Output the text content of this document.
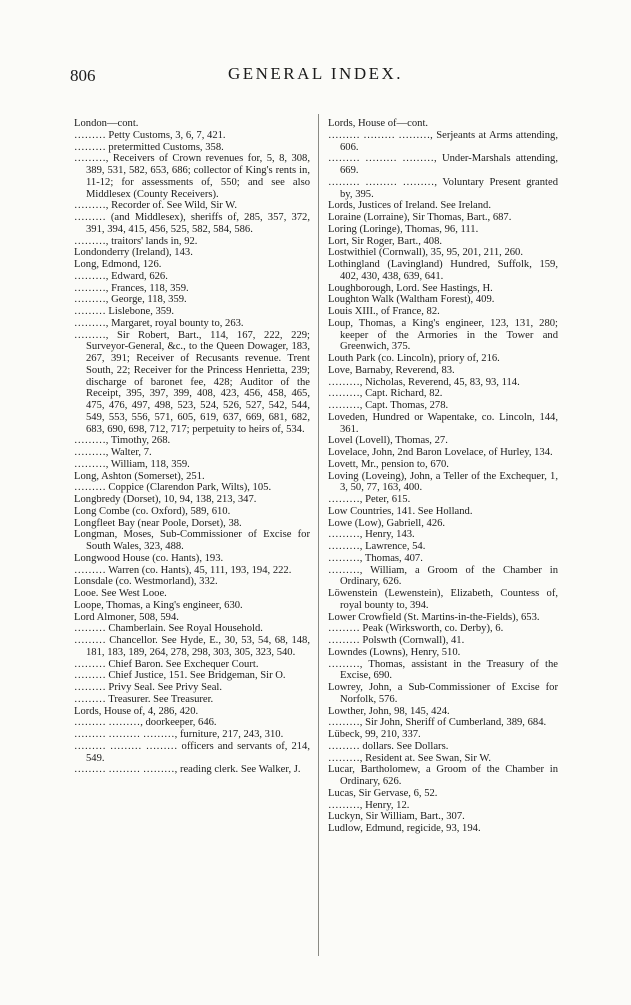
806	GENERAL INDEX.

London—cont.

……… Petty Customs, 3, 6, 7, 421.

……… pretermitted Customs, 358.

………, Receivers of Crown revenues for, 5, 8, 308, 389, 531, 582, 653, 686; collector of King's rents in, 11-12; for assessments of, 550; and see also Middlesex (County Receivers).

………, Recorder of. See Wild, Sir W.

……… (and Middlesex), sheriffs of, 285, 357, 372, 391, 394, 415, 456, 525, 582, 584, 586.

………, traitors' lands in, 92.

Londonderry (Ireland), 143.

Long, Edmond, 126.

………, Edward, 626.

………, Frances, 118, 359.

………, George, 118, 359.

……… Lislebone, 359.

………, Margaret, royal bounty to, 263.

………, Sir Robert, Bart., 114, 167, 222, 229; Surveyor-General, &c., to the Queen Dowager, 183, 267, 391; Receiver of Recusants revenue. Trent South, 22; Receiver for the Princess Henrietta, 239; discharge of baronet fee, 428; Auditor of the Receipt, 395, 397, 399, 408, 423, 456, 458, 465, 475, 476, 497, 498, 523, 524, 526, 527, 542, 544, 549, 553, 556, 571, 605, 619, 637, 669, 681, 682, 683, 690, 698, 712, 717; perpetuity to heirs of, 534.

………, Timothy, 268.

………, Walter, 7.

………, William, 118, 359.

Long, Ashton (Somerset), 251.

……… Coppice (Clarendon Park, Wilts), 105.

Longbredy (Dorset), 10, 94, 138, 213, 347.

Long Combe (co. Oxford), 589, 610.

Longfleet Bay (near Poole, Dorset), 38.

Longman, Moses, Sub-Commissioner of Excise for South Wales, 323, 488.

Longwood House (co. Hants), 193.

……… Warren (co. Hants), 45, 111, 193, 194, 222.

Lonsdale (co. Westmorland), 332.

Looe. See West Looe.

Loope, Thomas, a King's engineer, 630.

Lord Almoner, 508, 594.

……… Chamberlain. See Royal Household.

……… Chancellor. See Hyde, E., 30, 53, 54, 68, 148, 181, 183, 189, 264, 278, 298, 303, 305, 323, 540.

……… Chief Baron. See Exchequer Court.

……… Chief Justice, 151. See Bridgeman, Sir O.

……… Privy Seal. See Privy Seal.

……… Treasurer. See Treasurer.

Lords, House of, 4, 286, 420.

……… ………, doorkeeper, 646.

……… ……… ………, furniture, 217, 243, 310.

……… ……… ……… officers and servants of, 214, 549.

……… ……… ………, reading clerk. See Walker, J.

Lords, House of—cont.

……… ……… ………, Serjeants at Arms attending, 606.

……… ……… ………, Under-Marshals attending, 669.

……… ……… ………, Voluntary Present granted by, 395.

Lords, Justices of Ireland. See Ireland.

Loraine (Lorraine), Sir Thomas, Bart., 687.

Loring (Loringe), Thomas, 96, 111.

Lort, Sir Roger, Bart., 408.

Lostwithiel (Cornwall), 35, 95, 201, 211, 260.

Lothingland (Lavingland) Hundred, Suffolk, 159, 402, 430, 438, 639, 641.

Loughborough, Lord. See Hastings, H.

Loughton Walk (Waltham Forest), 409.

Louis XIII., of France, 82.

Loup, Thomas, a King's engineer, 123, 131, 280; keeper of the Armories in the Tower and Greenwich, 375.

Louth Park (co. Lincoln), priory of, 216.

Love, Barnaby, Reverend, 83.

………, Nicholas, Reverend, 45, 83, 93, 114.

………, Capt. Richard, 82.

………, Capt. Thomas, 278.

Loveden, Hundred or Wapentake, co. Lincoln, 144, 361.

Lovel (Lovell), Thomas, 27.

Lovelace, John, 2nd Baron Lovelace, of Hurley, 134.

Lovett, Mr., pension to, 670.

Loving (Loveing), John, a Teller of the Exchequer, 1, 3, 50, 77, 163, 400.

………, Peter, 615.

Low Countries, 141. See Holland.

Lowe (Low), Gabriell, 426.

………, Henry, 143.

………, Lawrence, 54.

………, Thomas, 407.

………, William, a Groom of the Chamber in Ordinary, 626.

Löwenstein (Lewenstein), Elizabeth, Countess of, royal bounty to, 394.

Lower Crowfield (St. Martins-in-the-Fields), 653.

……… Peak (Wirksworth, co. Derby), 6.

……… Polswth (Cornwall), 41.

Lowndes (Lowns), Henry, 510.

………, Thomas, assistant in the Treasury of the Excise, 690.

Lowrey, John, a Sub-Commissioner of Excise for Norfolk, 576.

Lowther, John, 98, 145, 424.

………, Sir John, Sheriff of Cumberland, 389, 684.

Lübeck, 99, 210, 337.

……… dollars. See Dollars.

………, Resident at. See Swan, Sir W.

Lucar, Bartholomew, a Groom of the Chamber in Ordinary, 626.

Lucas, Sir Gervase, 6, 52.

………, Henry, 12.

Luckyn, Sir William, Bart., 307.

Ludlow, Edmund, regicide, 93, 194.
